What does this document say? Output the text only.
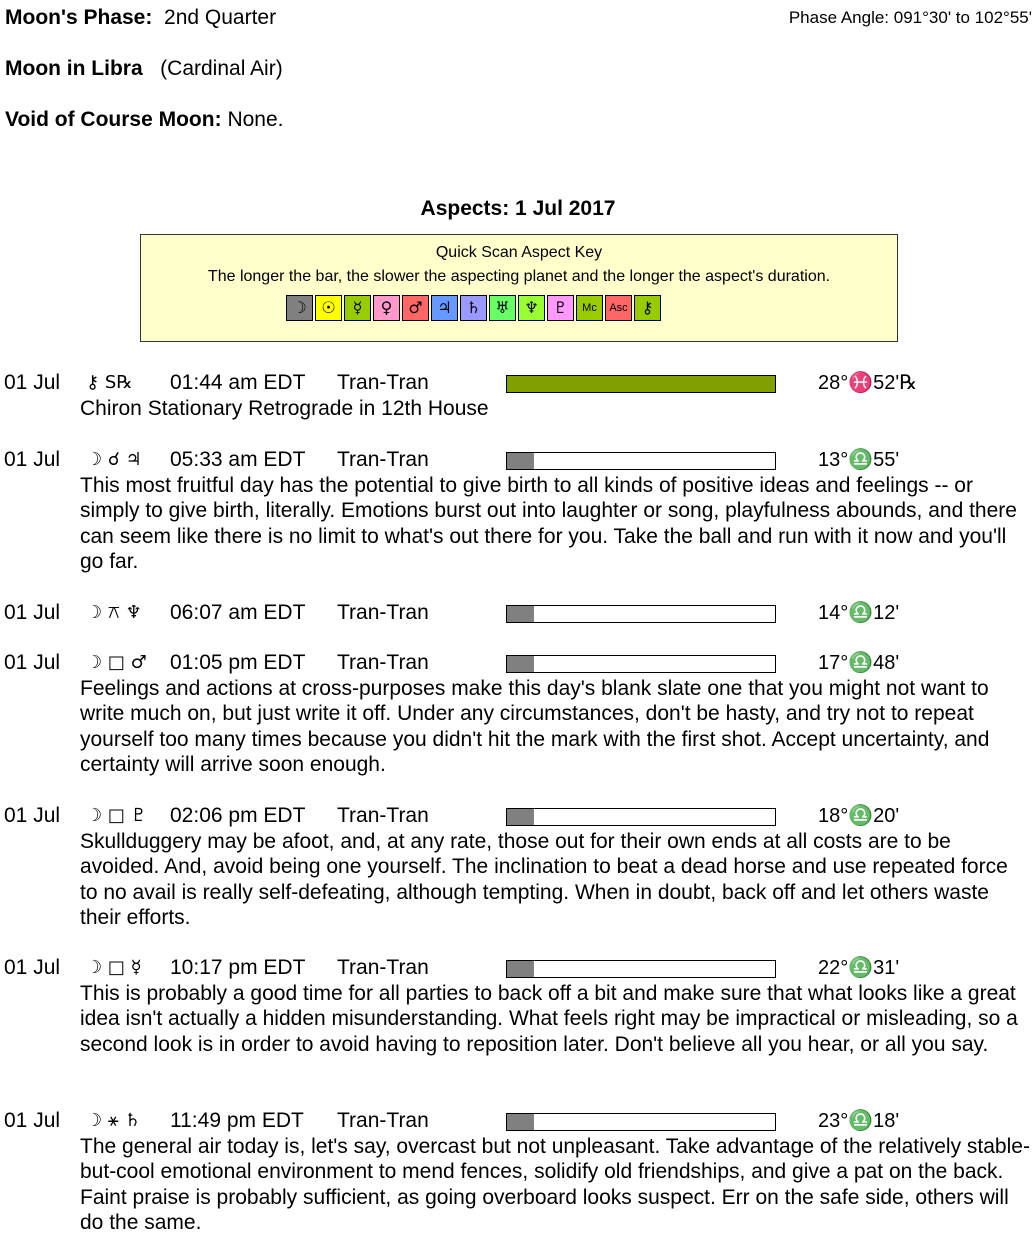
Moon's Phase: 2nd Quarter	Phase Angle: 091°30' to 102°55'
Moon in Libra (Cardinal Air)
Void of Course Moon: None.
Aspects: 1 Jul 2017
Quick Scan Aspect Key
The longer the bar, the slower the aspecting planet and the longer the aspect's duration.
☽ ☉	☿	♀ ♂ ♃ ♄ ♅ ♆ ♇	Mc	Asc ⚷
01 Jul ⚷ S℞ 01:44 am EDT Tran-Tran	28°♓52'℞
Chiron Stationary Retrograde in 12th House
01 Jul ☽ ☌ ♃ 05:33 am EDT Tran-Tran	13°♎55'
This most fruitful day has the potential to give birth to all kinds of positive ideas and feelings -- or simply to give birth, literally. Emotions burst out into laughter or song, playfulness abounds, and there can seem like there is no limit to what's out there for you. Take the ball and run with it now and you'll go far.
01 Jul ☽ ⚻ ♆ 06:07 am EDT Tran-Tran	14°♎12'
01 Jul ☽ □ ♂ 01:05 pm EDT Tran-Tran	17°♎48'
Feelings and actions at cross-purposes make this day's blank slate one that you might not want to write much on, but just write it off. Under any circumstances, don't be hasty, and try not to repeat yourself too many times because you didn't hit the mark with the first shot. Accept uncertainty, and certainty will arrive soon enough.
01 Jul ☽ □ ♇ 02:06 pm EDT Tran-Tran	18°♎20'
Skullduggery may be afoot, and, at any rate, those out for their own ends at all costs are to be avoided. And, avoid being one yourself. The inclination to beat a dead horse and use repeated force to no avail is really self-defeating, although tempting. When in doubt, back off and let others waste their efforts.
01 Jul ☽ □ ☿ 10:17 pm EDT Tran-Tran	22°♎31'
This is probably a good time for all parties to back off a bit and make sure that what looks like a great idea isn't actually a hidden misunderstanding. What feels right may be impractical or misleading, so a second look is in order to avoid having to reposition later. Don't believe all you hear, or all you say.
01 Jul ☽ ⚹ ♄ 11:49 pm EDT Tran-Tran	23°♎18'
The general air today is, let's say, overcast but not unpleasant. Take advantage of the relatively stable-but-cool emotional environment to mend fences, solidify old friendships, and give a pat on the back. Faint praise is probably sufficient, as going overboard looks suspect. Err on the safe side, others will do the same.
